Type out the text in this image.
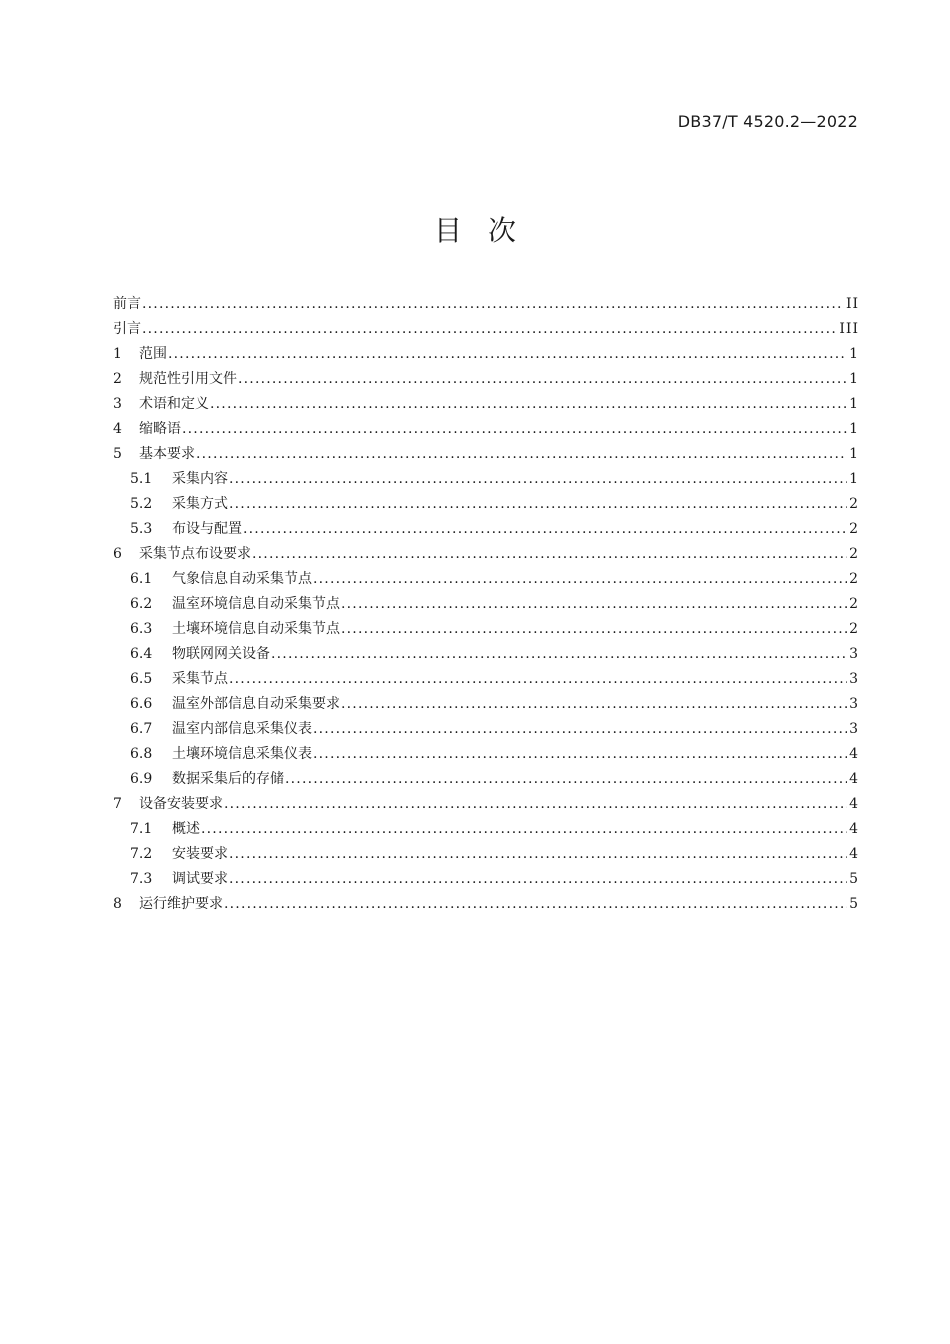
DB37/T 4520.2—2022
目次
前言 .....	II
引言 .....	III
1	范围 .....	1
2	规范性引用文件 .....	1
3	术语和定义 .....	1
4	缩略语 .....	1
5	基本要求 .....	1
5.1	采集内容 .....	1
5.2	采集方式 .....	2
5.3	布设与配置 .....	2
6	采集节点布设要求 .....	2
6.1	气象信息自动采集节点 .....	2
6.2	温室环境信息自动采集节点 .....	2
6.3	土壤环境信息自动采集节点 .....	2
6.4	物联网网关设备 .....	3
6.5	采集节点 .....	3
6.6	温室外部信息自动采集要求 .....	3
6.7	温室内部信息采集仪表 .....	3
6.8	土壤环境信息采集仪表 .....	4
6.9	数据采集后的存储 .....	4
7	设备安装要求 .....	4
7.1	概述 .....	4
7.2	安装要求 .....	4
7.3	调试要求 .....	5
8	运行维护要求 .....	5
